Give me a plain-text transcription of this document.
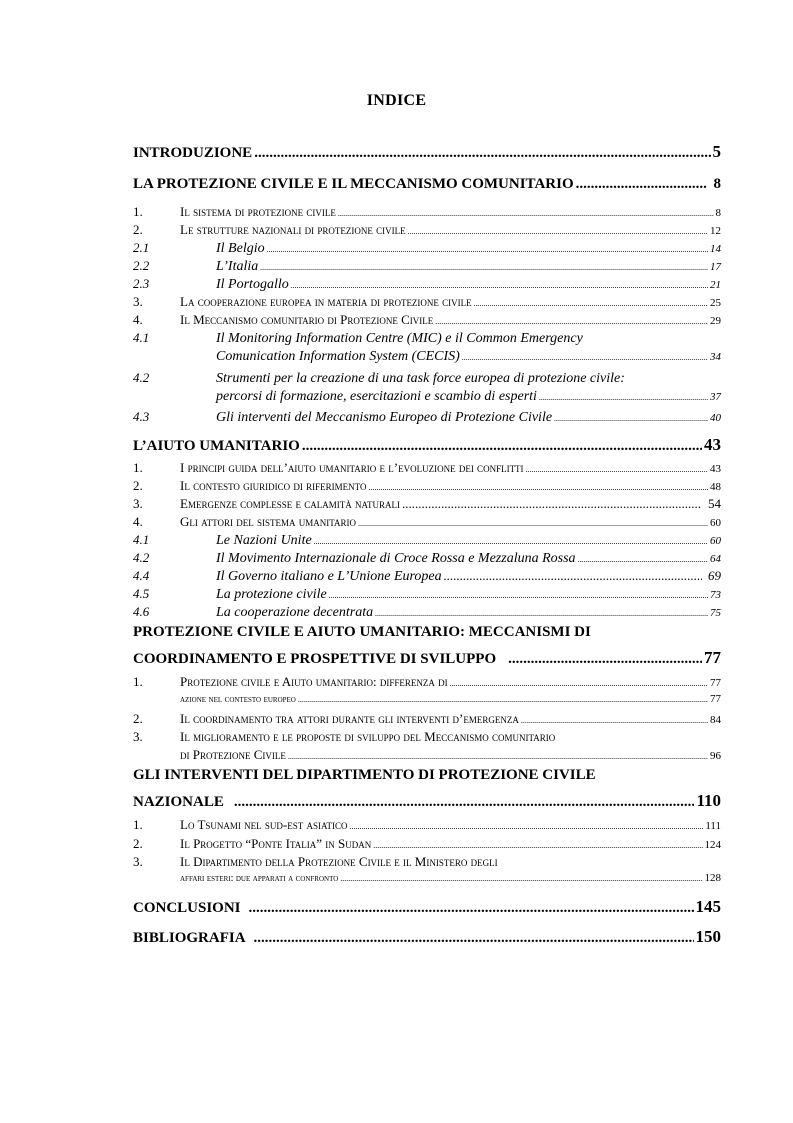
INDICE
INTRODUZIONE .....	5
LA PROTEZIONE CIVILE E IL MECCANISMO COMUNITARIO .....	8
1.	Il sistema di protezione civile .....	8
2.	Le strutture nazionali di protezione civile .....	12
2.1	Il Belgio .....	14
2.2	L’Italia .....	17
2.3	Il Portogallo .....	21
3.	La cooperazione europea in materia di protezione civile .....	25
4.	Il Meccanismo comunitario di Protezione Civile .....	29
4.1	Il Monitoring Information Centre (MIC) e il Common Emergency
Comunication Information System (CECIS) .....	34
4.2	Strumenti per la creazione di una task force europea di protezione civile:
percorsi di formazione, esercitazioni e scambio di esperti .....	37
4.3	Gli interventi del Meccanismo Europeo di Protezione Civile .....	40
L’AIUTO UMANITARIO .....	43
1.	I principi guida dell’aiuto umanitario e l’evoluzione dei conflitti .....	43
2.	Il contesto giuridico di riferimento .....	48
3.	Emergenze complesse e calamità naturali .....	54
4.	Gli attori del sistema umanitario .....	60
4.1	Le Nazioni Unite .....	60
4.2	Il Movimento Internazionale di Croce Rossa e Mezzaluna Rossa .....	64
4.4	Il Governo italiano e L’Unione Europea .....	69
4.5	La protezione civile .....	73
4.6	La cooperazione decentrata .....	75
PROTEZIONE CIVILE E AIUTO UMANITARIO: MECCANISMI DI
COORDINAMENTO E PROSPETTIVE DI SVILUPPO .....	77
1.	Protezione civile e Aiuto umanitario: differenza di .....	77
azione nel contesto europeo .....	77
2.	Il coordinamento tra attori durante gli interventi d’emergenza .....	84
3.	Il miglioramento e le proposte di sviluppo del Meccanismo comunitario
di Protezione Civile .....	96
GLI INTERVENTI DEL DIPARTIMENTO DI PROTEZIONE CIVILE
NAZIONALE .....	110
1.	Lo Tsunami nel sud-est asiatico .....	111
2.	Il Progetto “Ponte Italia” in Sudan .....	124
3.	Il Dipartimento della Protezione Civile e il Ministero degli
affari esteri: due apparati a confronto .....	128
CONCLUSIONI .....	145
BIBLIOGRAFIA .....	150
